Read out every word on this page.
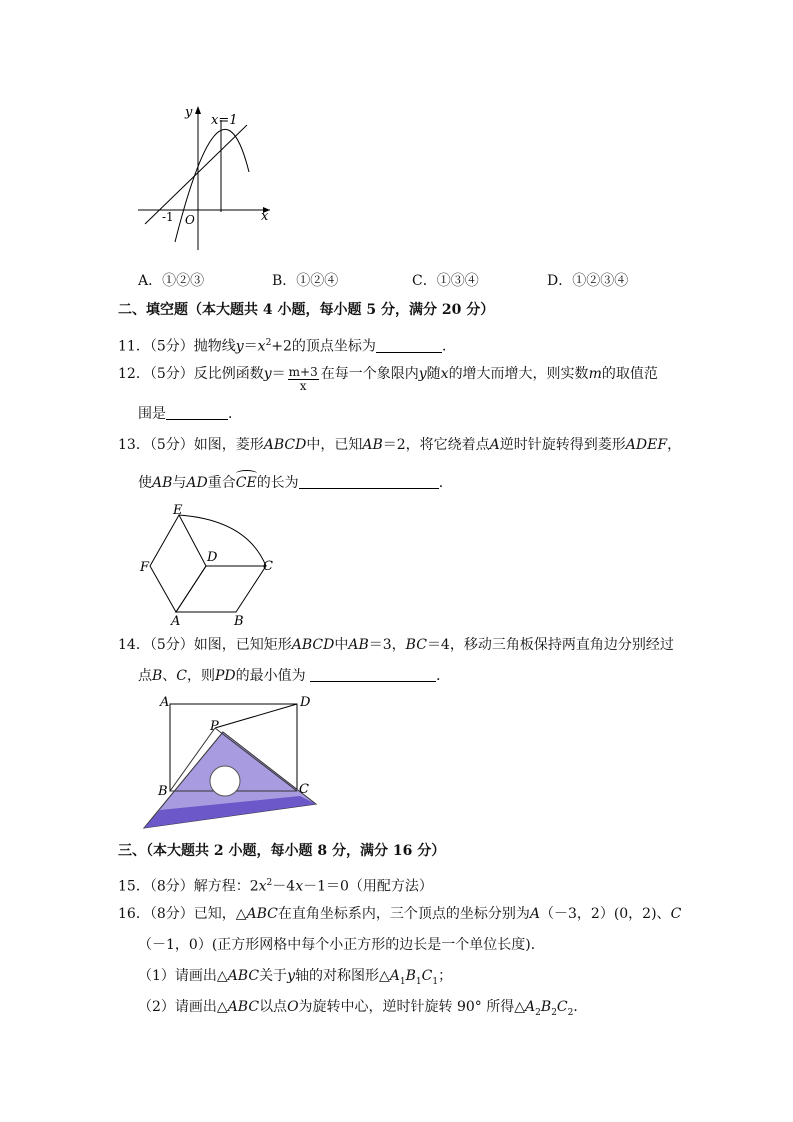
y
x=1
x
-1 O
A．①②③	B．①②④	C．①③④	D．①②③④
二、填空题（本大题共 4 小题，每小题 5 分，满分 20 分）
11．（5分）抛物线$y=x^2+2$的顶点坐标为	．
12．（5分）反比例函数$y= \frac{m+3}{x}$ 在每一个象限内y随x的增大而增大，则实数m的取值范
围是	．
13．（5分）如图，菱形ABCD中，已知AB＝2，将它绕着点A逆时针旋转得到菱形ADEF，
使AB与AD重合CE的长为	．
E
D
F	C
A	B
14．（5分）如图，已知矩形ABCD中AB＝3，BC＝4，移动三角板保持两直角边分别经过
点B、C，则PD的最小值为	．
A	D
P
B	C
三、（本大题共 2 小题，每小题 8 分，满分 16 分）
15．（8分）解方程：$2x^2-4x-1=0$（用配方法）
16．（8分）已知，△ABC在直角坐标系内，三个顶点的坐标分别为A（－3，2）(0，2)、C
（－1，0）(正方形网格中每个小正方形的边长是一个单位长度)．
（1）请画出△ABC关于y轴的对称图形$\triangle A_1B_1C_1$；
（2）请画出△ABC以点O为旋转中心，逆时针旋转 90° 所得$\triangle A_2B_2C_2$．
